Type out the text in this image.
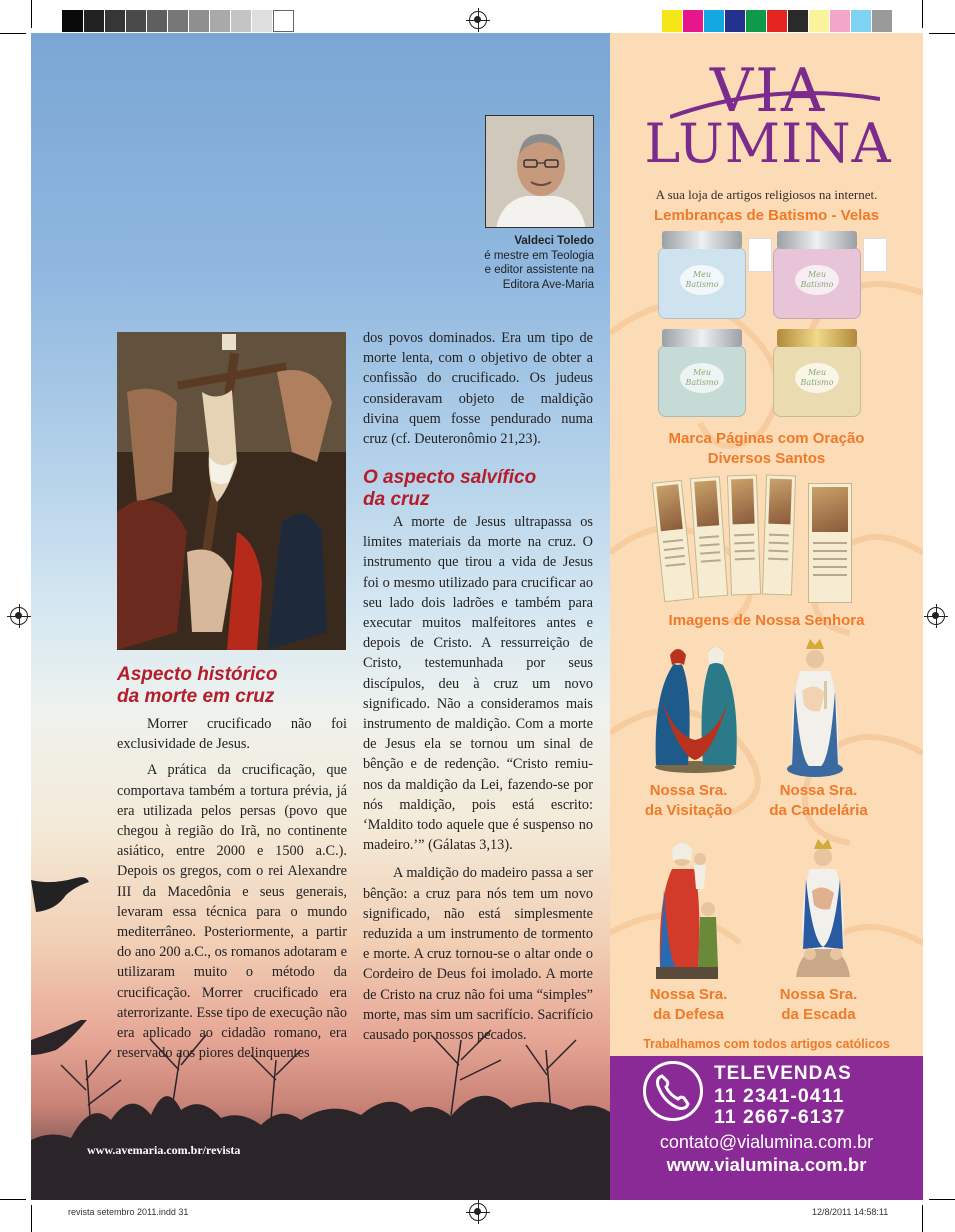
Valdeci Toledo
é mestre em Teologia
e editor assistente na
Editora Ave-Maria
Aspecto histórico
da morte em cruz

Morrer crucificado não foi exclusividade de Jesus.

A prática da crucificação, que comportava também a tortura prévia, já era utilizada pelos persas (povo que chegou à região do Irã, no continente asiático, entre 2000 e 1500 a.C.). Depois os gregos, com o rei Alexandre III da Macedônia e seus generais, levaram essa técnica para o mundo mediterrâneo. Posteriormente, a partir do ano 200 a.C., os romanos adotaram e utilizaram muito o método da crucificação. Morrer crucificado era aterrorizante. Esse tipo de execução não era aplicado ao cidadão romano, era reservado aos piores delinquentes

dos povos dominados. Era um tipo de morte lenta, com o objetivo de obter a confissão do crucificado. Os judeus consideravam objeto de maldição divina quem fosse pendurado numa cruz (cf. Deuteronômio 21,23).

O aspecto salvífico
da cruz

A morte de Jesus ultrapassa os limites materiais da morte na cruz. O instrumento que tirou a vida de Jesus foi o mesmo utilizado para crucificar ao seu lado dois ladrões e também para executar muitos malfeitores antes e depois de Cristo. A ressurreição de Cristo, testemunhada por seus discípulos, deu à cruz um novo significado. Não a consideramos mais instrumento de maldição. Com a morte de Jesus ela se tornou um sinal de bênção e de redenção. “Cristo remiu-nos da maldição da Lei, fazendo-se por nós maldição, pois está escrito: ‘Maldito todo aquele que é suspenso no madeiro.’” (Gálatas 3,13).

A maldição do madeiro passa a ser bênção: a cruz para nós tem um novo significado, não está simplesmente reduzida a um instrumento de tormento e morte. A cruz tornou-se o altar onde o Cordeiro de Deus foi imolado. A morte de Cristo na cruz não foi uma “simples” morte, mas sim um sacrifício. Sacrifício causado por nossos pecados.

www.avemaria.com.br/revista
VIA
LUMINA
A sua loja de artigos religiosos na internet.
Lembranças de Batismo - Velas
Meu
Batismo
Meu
Batismo
Meu
Batismo
Meu
Batismo
Marca Páginas com Oração
Diversos Santos
Imagens de Nossa Senhora
Nossa Sra.
da Visitação
Nossa Sra.
da Candelária
Nossa Sra.
da Defesa
Nossa Sra.
da Escada
Trabalhamos com todos artigos católicos
TELEVENDAS
11 2341-0411
11 2667-6137
contato@vialumina.com.br
www.vialumina.com.br
revista setembro 2011.indd 31	12/8/2011 14:58:11
